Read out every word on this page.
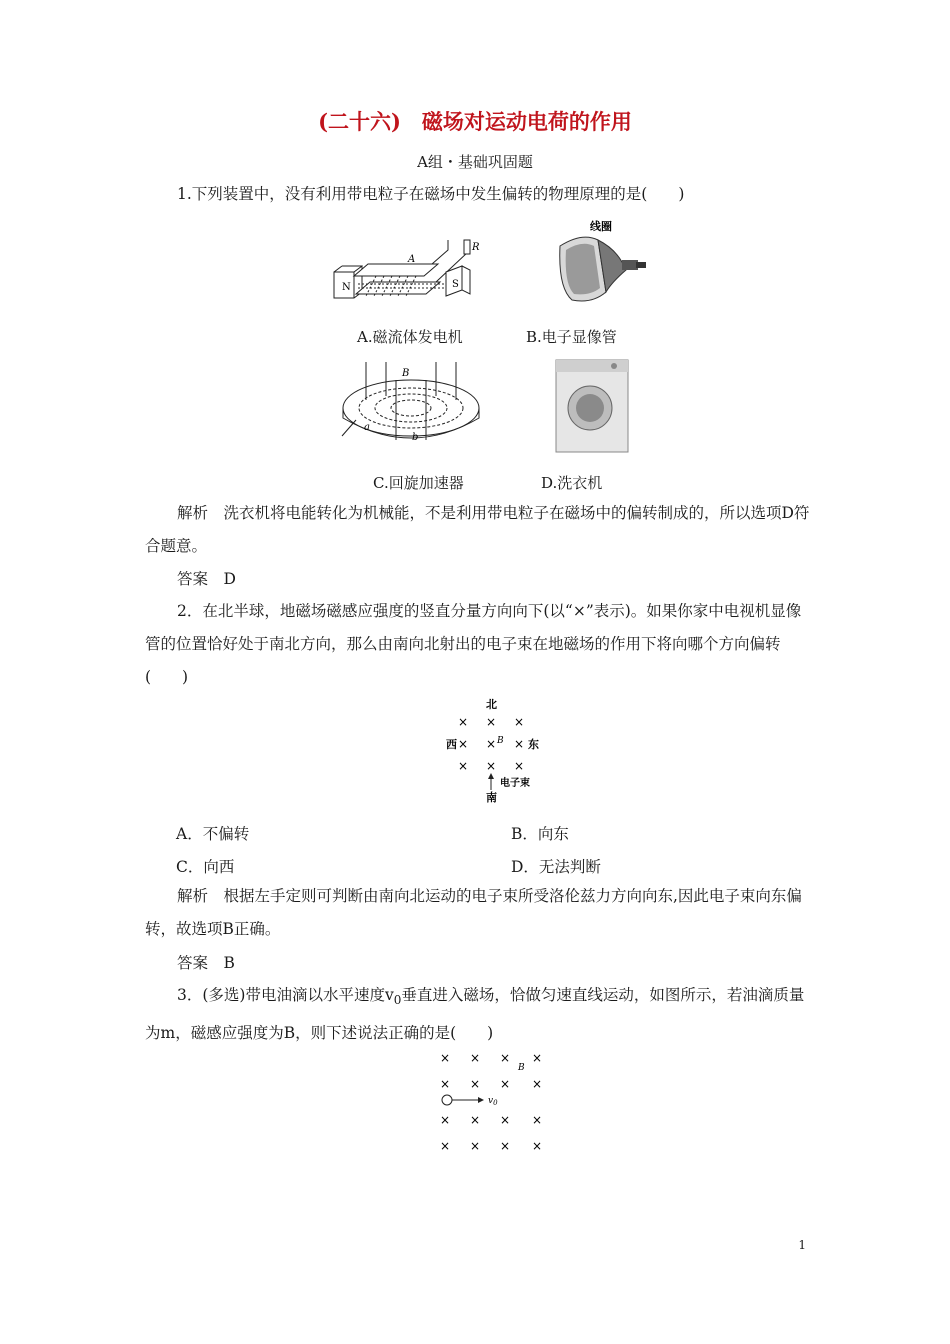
(二十六)　磁场对运动电荷的作用
A组・基础巩固题
1.下列装置中，没有利用带电粒子在磁场中发生偏转的物理原理的是(　　)
N	S
A
R
线圈
A.磁流体发电机	B.电子显像管
B
a
b
C.回旋加速器	D.洗衣机
解析　洗衣机将电能转化为机械能，不是利用带电粒子在磁场中的偏转制成的，所以选项D符合题意。
答案　D
2．在北半球，地磁场磁感应强度的竖直分量方向向下(以“×”表示)。如果你家中电视机显像管的位置恰好处于南北方向，那么由南向北射出的电子束在地磁场的作用下将向哪个方向偏转(　　)
北
× × ×
× × ×
× × ×
西	东
B
电子束
南
A．不偏转	B．向东
C．向西	D．无法判断
解析　根据左手定则可判断由南向北运动的电子束所受洛伦兹力方向向东,因此电子束向东偏转，故选项B正确。
答案　B
3．(多选)带电油滴以水平速度$v_0$垂直进入磁场，恰做匀速直线运动，如图所示，若油滴质量为m，磁感应强度为B，则下述说法正确的是(　　)
× × × ×
× × × ×
× × × ×
× × × ×
B
$v_0$
1
